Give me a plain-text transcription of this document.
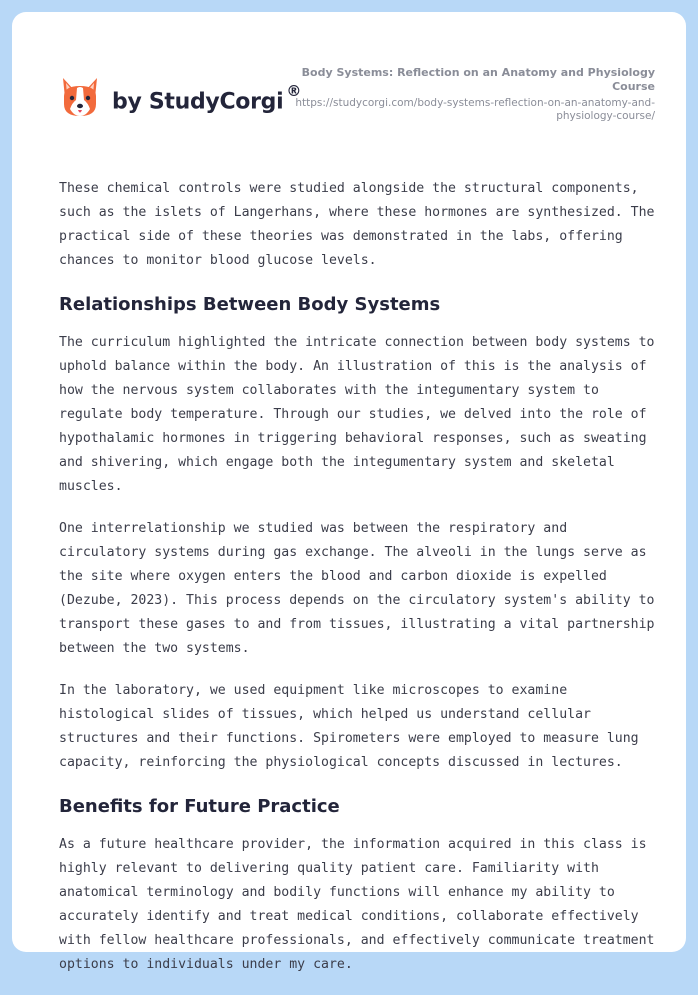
by StudyCorgi ®
Body Systems: Reflection on an Anatomy and Physiology Course
https://studycorgi.com/body-systems-reflection-on-an-anatomy-and-physiology-course/

These chemical controls were studied alongside the structural components, such as the islets of Langerhans, where these hormones are synthesized. The practical side of these theories was demonstrated in the labs, offering chances to monitor blood glucose levels.

Relationships Between Body Systems

The curriculum highlighted the intricate connection between body systems to uphold balance within the body. An illustration of this is the analysis of how the nervous system collaborates with the integumentary system to regulate body temperature. Through our studies, we delved into the role of hypothalamic hormones in triggering behavioral responses, such as sweating and shivering, which engage both the integumentary system and skeletal muscles.

One interrelationship we studied was between the respiratory and circulatory systems during gas exchange. The alveoli in the lungs serve as the site where oxygen enters the blood and carbon dioxide is expelled (Dezube, 2023). This process depends on the circulatory system's ability to transport these gases to and from tissues, illustrating a vital partnership between the two systems.

In the laboratory, we used equipment like microscopes to examine histological slides of tissues, which helped us understand cellular structures and their functions. Spirometers were employed to measure lung capacity, reinforcing the physiological concepts discussed in lectures.

Benefits for Future Practice

As a future healthcare provider, the information acquired in this class is highly relevant to delivering quality patient care. Familiarity with anatomical terminology and bodily functions will enhance my ability to accurately identify and treat medical conditions, collaborate effectively with fellow healthcare professionals, and effectively communicate treatment options to individuals under my care.
